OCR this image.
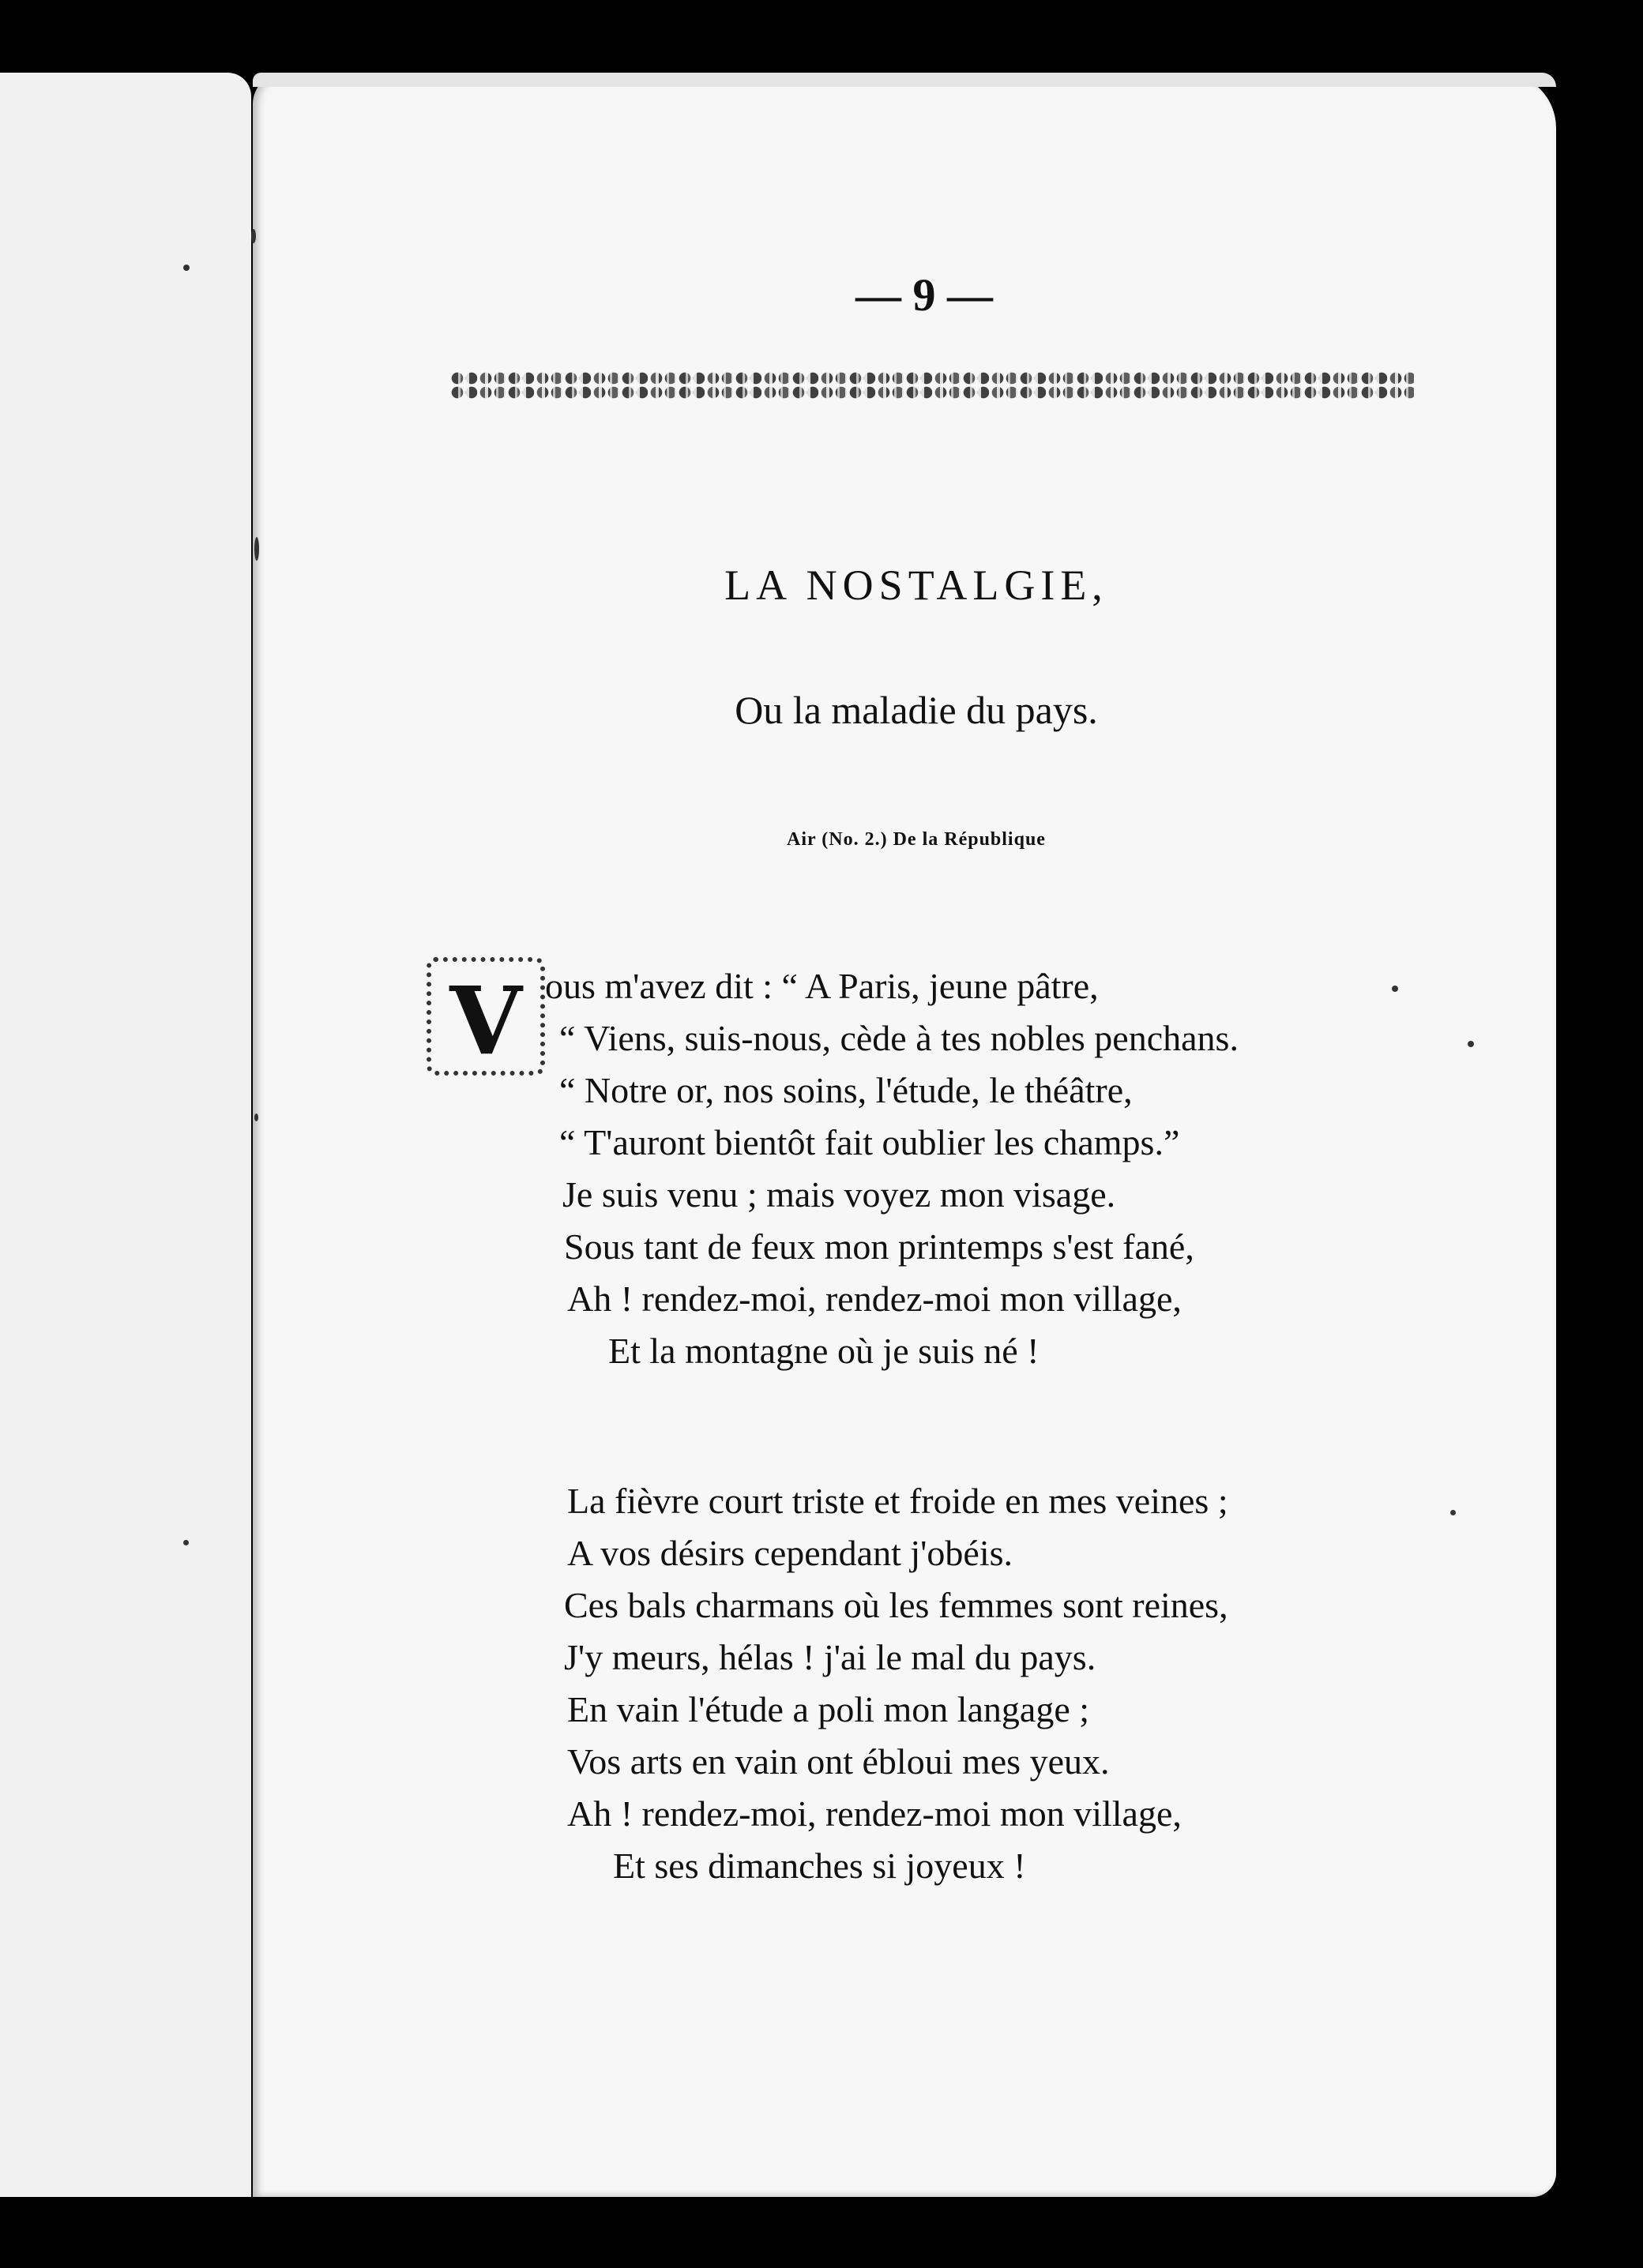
— 9 —
LA NOSTALGIE,
Ou la maladie du pays.
Air (No. 2.) De la République
V ous m'avez dit : “ A Paris, jeune pâtre,
“ Viens, suis-nous, cède à tes nobles penchans.
“ Notre or, nos soins, l'étude, le théâtre,
“ T'auront bientôt fait oublier les champs.”
Je suis venu ; mais voyez mon visage.
Sous tant de feux mon printemps s'est fané,
Ah ! rendez-moi, rendez-moi mon village,
Et la montagne où je suis né !
La fièvre court triste et froide en mes veines ;
A vos désirs cependant j'obéis.
Ces bals charmans où les femmes sont reines,
J'y meurs, hélas ! j'ai le mal du pays.
En vain l'étude a poli mon langage ;
Vos arts en vain ont ébloui mes yeux.
Ah ! rendez-moi, rendez-moi mon village,
Et ses dimanches si joyeux !
